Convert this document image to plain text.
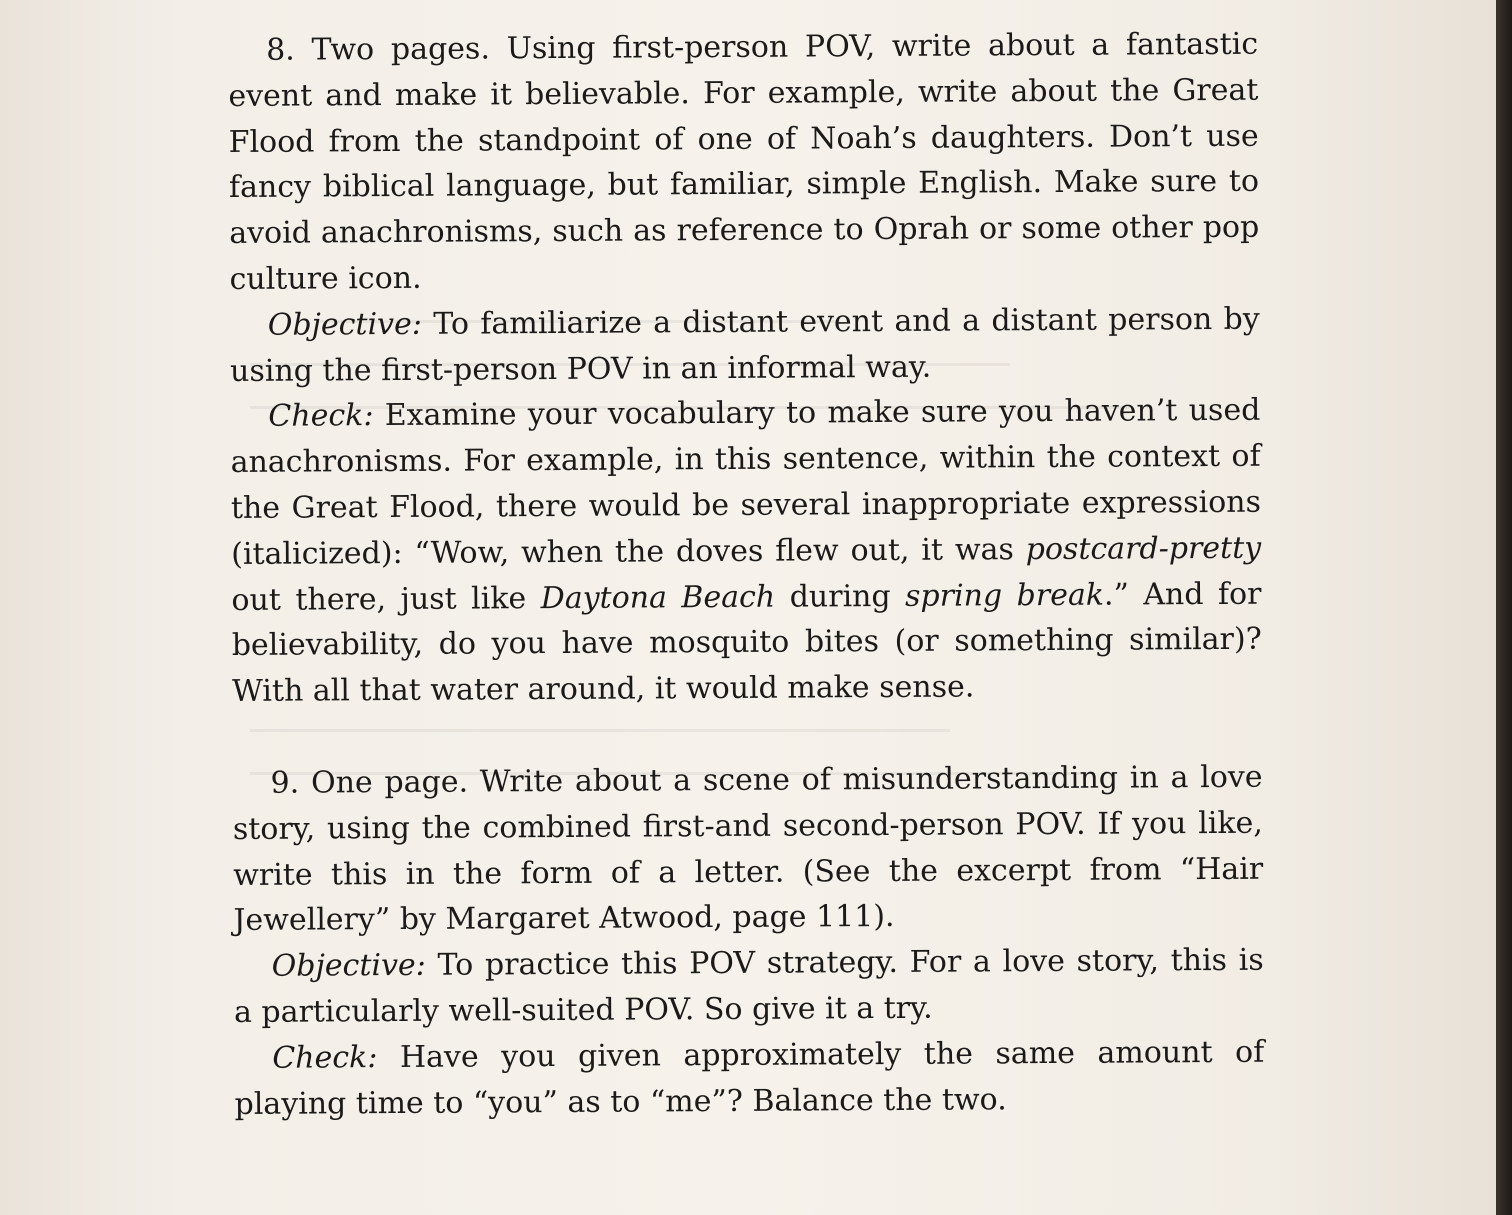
8. Two pages. Using first-person POV, write about a fantastic event and make it believable. For example, write about the Great Flood from the standpoint of one of Noah’s daughters. Don’t use fancy biblical language, but familiar, simple English. Make sure to avoid anachronisms, such as reference to Oprah or some other pop culture icon.

Objective: To familiarize a distant event and a distant person by using the first-person POV in an informal way.

Check: Examine your vocabulary to make sure you haven’t used anachronisms. For example, in this sentence, within the context of the Great Flood, there would be several inappropriate expressions (italicized): “Wow, when the doves flew out, it was postcard-pretty out there, just like Daytona Beach during spring break.” And for believability, do you have mosquito bites (or something similar)? With all that water around, it would make sense.

9. One page. Write about a scene of misunderstanding in a love story, using the combined first-and second-person POV. If you like, write this in the form of a letter. (See the excerpt from “Hair Jewellery” by Margaret Atwood, page 111).

Objective: To practice this POV strategy. For a love story, this is a particularly well-suited POV. So give it a try.

Check: Have you given approximately the same amount of playing time to “you” as to “me”? Balance the two.
